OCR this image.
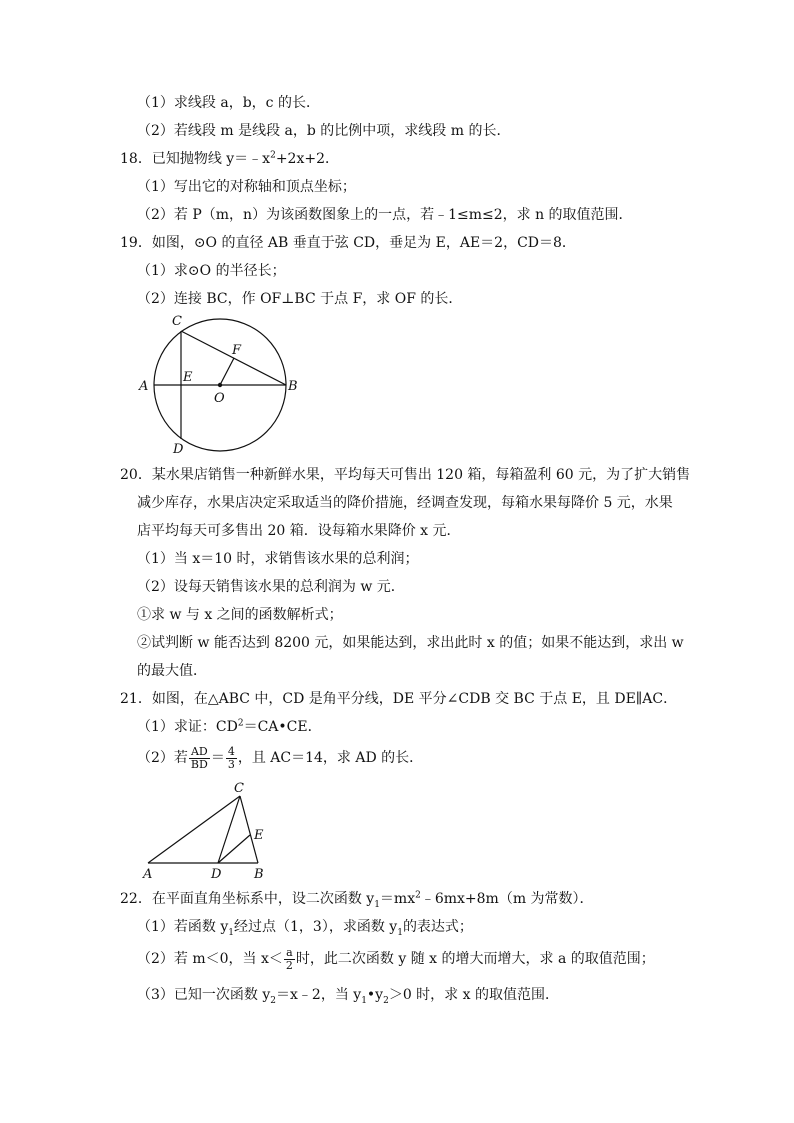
（1）求线段 a，b，c 的长．
（2）若线段 m 是线段 a，b 的比例中项，求线段 m 的长．
18．已知抛物线 $y=﹣x^2+2x+2$．
（1）写出它的对称轴和顶点坐标；
（2）若 P（m，n）为该函数图象上的一点，若﹣1≤m≤2，求 n 的取值范围．
19．如图，⊙O 的直径 AB 垂直于弦 CD，垂足为 E，AE＝2，CD＝8．
（1）求⊙O 的半径长；
（2）连接 BC，作 OF⊥BC 于点 F，求 OF 的长．
C
F
A
E
O
B
D
20．某水果店销售一种新鲜水果，平均每天可售出 120 箱，每箱盈利 60 元，为了扩大销售
减少库存，水果店决定采取适当的降价措施，经调查发现，每箱水果每降价 5 元，水果
店平均每天可多售出 20 箱．设每箱水果降价 x 元．
（1）当 x＝10 时，求销售该水果的总利润；
（2）设每天销售该水果的总利润为 w 元．
①求 w 与 x 之间的函数解析式；
②试判断 w 能否达到 8200 元，如果能达到，求出此时 x 的值；如果不能达到，求出 w
的最大值．
21．如图，在△ABC 中，CD 是角平分线，DE 平分∠CDB 交 BC 于点 E，且 DE∥AC．
（1）求证：$CD^2=CA•CE$．
（2）若 $\frac{AD}{BD} = \frac{4}{3}$ ，且 AC＝14，求 AD 的长．
C
E
A	D	B
22．在平面直角坐标系中，设二次函数 $y_1=mx^2﹣6mx+8m(m$ 为常数）．
（1）若函数 $y_1$经过点（1，3），求函数 $y_1$的表达式；
（2）若 m＜0，当 $x< \frac{a}{2}$ 时，此二次函数 y 随 x 的增大而增大，求 a 的取值范围；
（3）已知一次函数 $y_2=x﹣2$，当 $y_1•y_2>0$ 时，求 x 的取值范围．
